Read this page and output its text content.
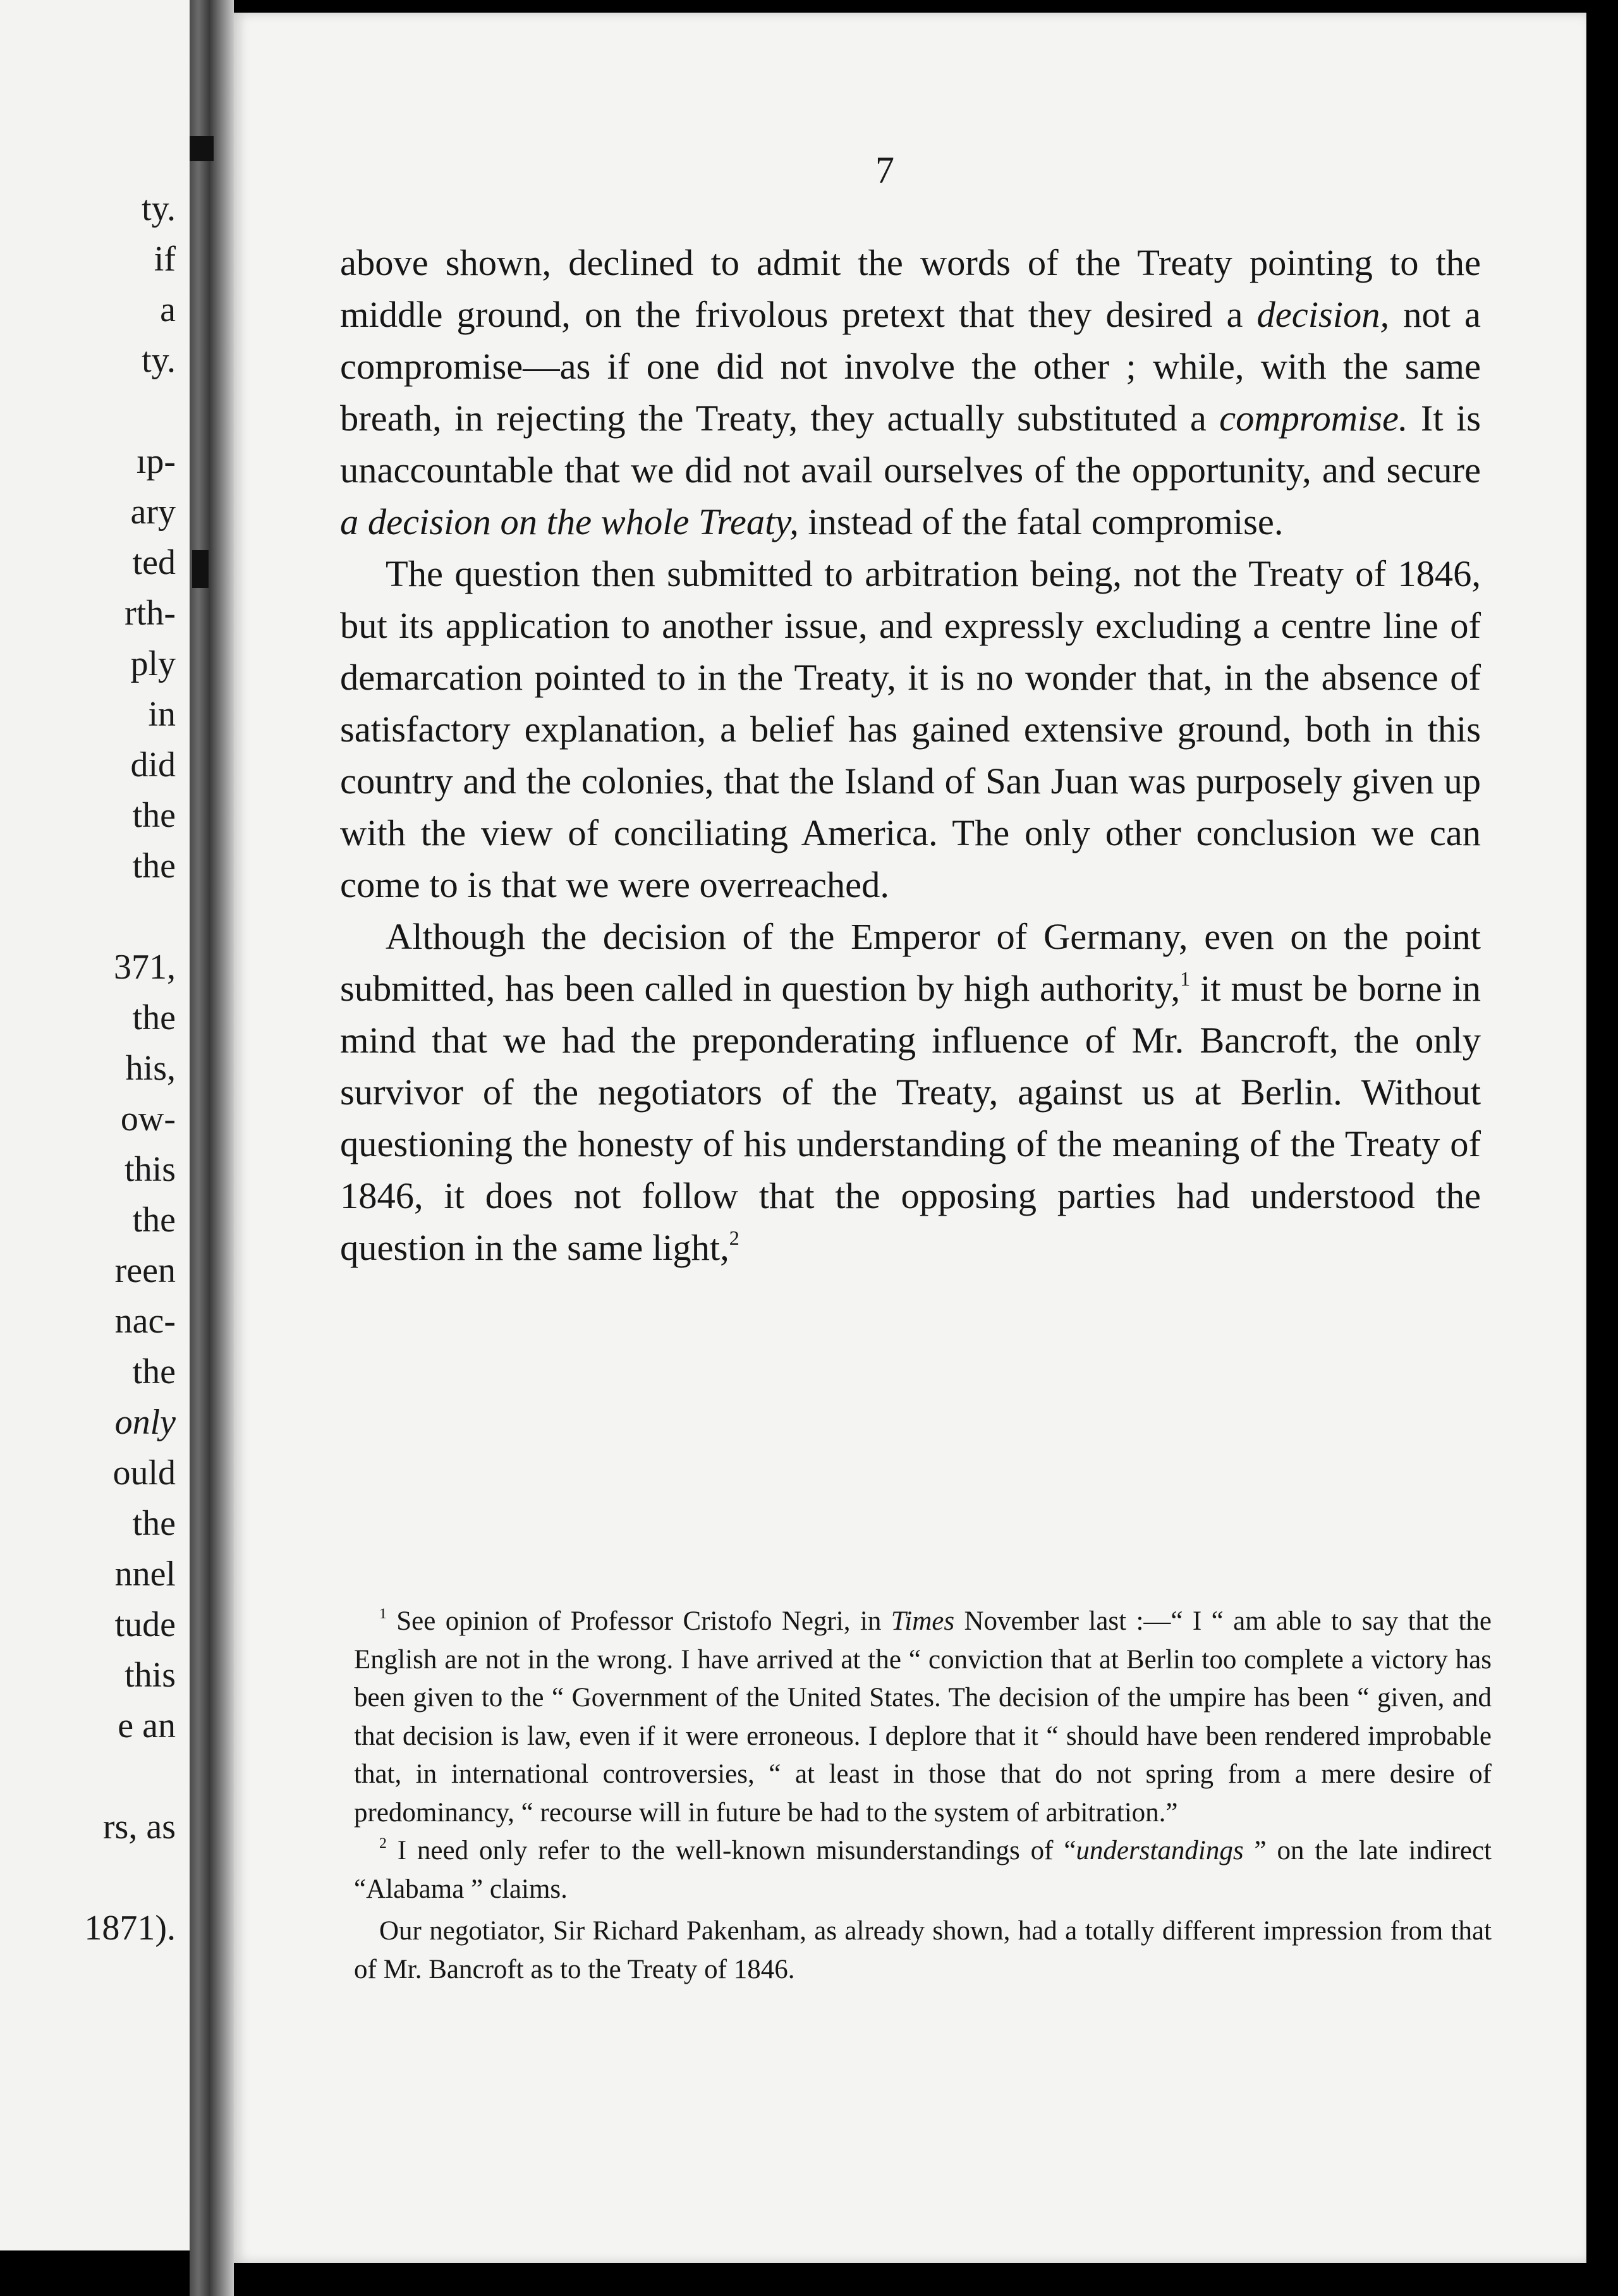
ty.
if
a
ty.
ıp-
ary
ted
rth-
ply
in
did
the
the
371,
the
his,
ow-
this
the
reen
nac-
the
only
ould
the
nnel
tude
this
e an
rs, as
1871).
7

above shown, declined to admit the words of the Treaty pointing to the middle ground, on the frivolous pretext that they desired a decision, not a compromise—as if one did not involve the other ; while, with the same breath, in rejecting the Treaty, they actually substituted a compromise. It is unaccountable that we did not avail ourselves of the opportunity, and secure a decision on the whole Treaty, instead of the fatal compromise.

The question then submitted to arbitration being, not the Treaty of 1846, but its application to another issue, and expressly excluding a centre line of demarcation pointed to in the Treaty, it is no wonder that, in the absence of satisfactory explanation, a belief has gained extensive ground, both in this country and the colonies, that the Island of San Juan was purposely given up with the view of conciliating America. The only other conclusion we can come to is that we were overreached.

Although the decision of the Emperor of Germany, even on the point submitted, has been called in question by high authority,$^1$ it must be borne in mind that we had the preponderating influence of Mr. Bancroft, the only survivor of the negotiators of the Treaty, against us at Berlin. Without questioning the honesty of his understanding of the meaning of the Treaty of 1846, it does not follow that the opposing parties had understood the question in the same light,$^2$

$^1$ See opinion of Professor Cristofo Negri, in Times November last :—“ I “ am able to say that the English are not in the wrong. I have arrived at the “ conviction that at Berlin too complete a victory has been given to the “ Government of the United States. The decision of the umpire has been “ given, and that decision is law, even if it were erroneous. I deplore that it “ should have been rendered improbable that, in international controversies, “ at least in those that do not spring from a mere desire of predominancy, “ recourse will in future be had to the system of arbitration.”

$^2$ I need only refer to the well-known misunderstandings of “understandings ” on the late indirect “Alabama ” claims.

Our negotiator, Sir Richard Pakenham, as already shown, had a totally different impression from that of Mr. Bancroft as to the Treaty of 1846.
